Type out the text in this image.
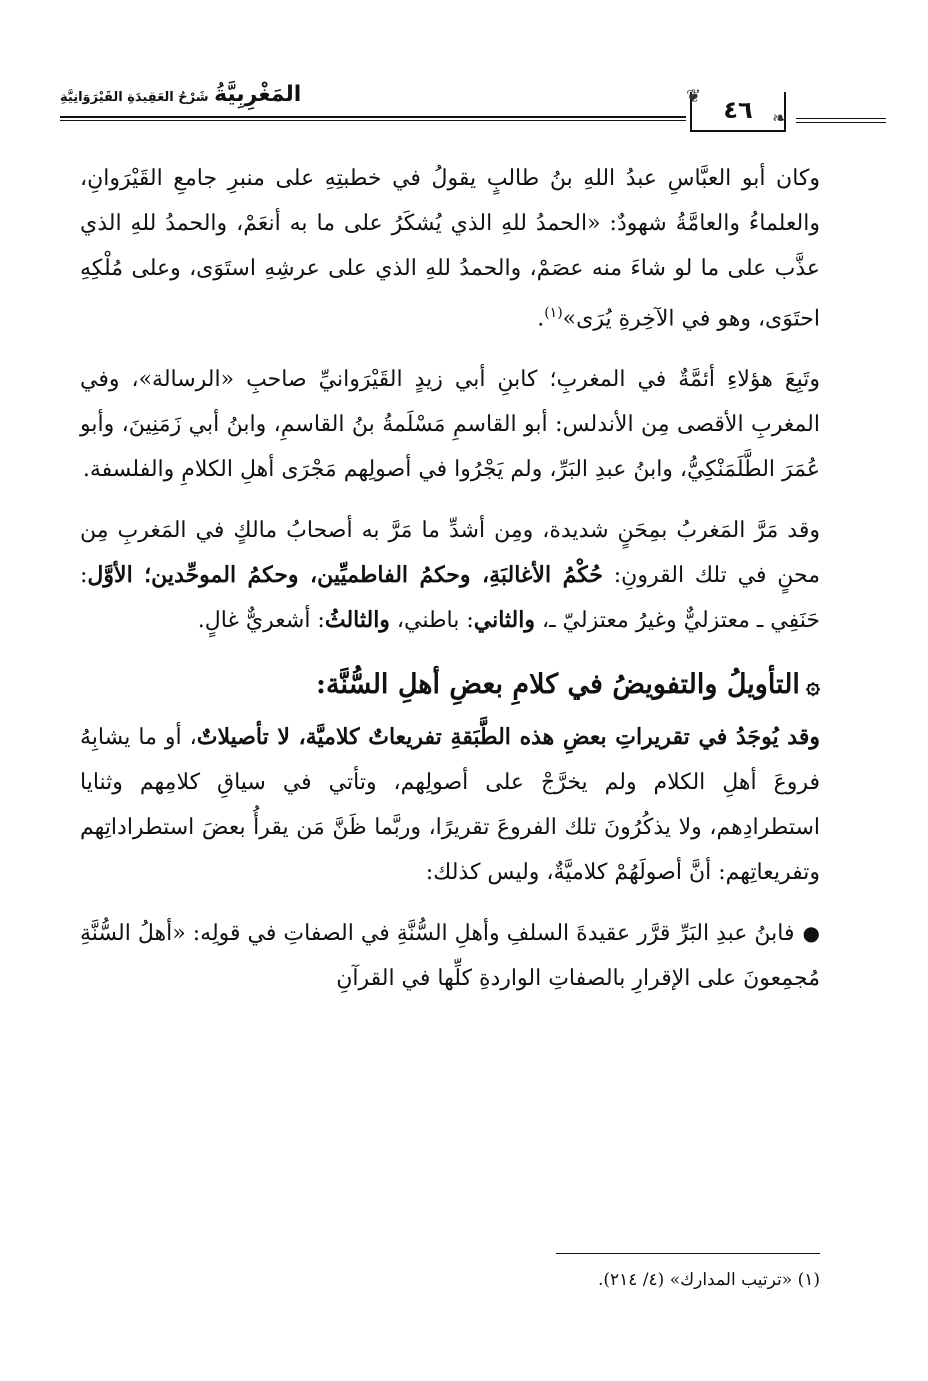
المَغْرِبِيَّةُ شَرْحُ العَقِيدَةِ القَيْرَوَانِيَّةِ	٤٦
❦
❧

وكان أبو العبَّاسِ عبدُ اللهِ بنُ طالبٍ يقولُ في خطبتِهِ على منبرِ جامعِ القَيْرَوانِ، والعلماءُ والعامَّةُ شهودٌ: «الحمدُ للهِ الذي يُشكَرُ على ما به أنعَمْ، والحمدُ للهِ الذي عذَّب على ما لو شاءَ منه عصَمْ، والحمدُ للهِ الذي على عرشِهِ استَوَى، وعلى مُلْكِهِ احتَوَى، وهو في الآخِرةِ يُرَى»$^{(١)}$.

وتَبِعَ هؤلاءِ أئمَّةٌ في المغربِ؛ كابنِ أبي زيدٍ القَيْرَوانيِّ صاحبِ «الرسالة»، وفي المغربِ الأقصى مِن الأندلس: أبو القاسمِ مَسْلَمةُ بنُ القاسمِ، وابنُ أبي زَمَنِينَ، وأبو عُمَرَ الطَّلَمَنْكِيُّ، وابنُ عبدِ البَرِّ، ولم يَجْرُوا في أصولِهم مَجْرَى أهلِ الكلامِ والفلسفة.

وقد مَرَّ المَغربُ بمِحَنٍ شديدة، ومِن أشدِّ ما مَرَّ به أصحابُ مالكٍ في المَغربِ مِن محنٍ في تلك القرونِ: حُكْمُ الأغالبَةِ، وحكمُ الفاطميِّين، وحكمُ الموحِّدين؛ الأوَّل: حَنَفِي ـ معتزليٌّ وغيرُ معتزليّ ـ، والثاني: باطني، والثالثُ: أشعريٌّ غالٍ.

۞التأويلُ والتفويضُ في كلامِ بعضِ أهلِ السُّنَّة:

وقد يُوجَدُ في تقريراتِ بعضِ هذه الطَّبَقةِ تفريعاتٌ كلاميَّة، لا تأصيلاتٌ، أو ما يشابِهُ فروعَ أهلِ الكلام ولم يخرَّجْ على أصولِهم، وتأتي في سياقِ كلامِهم وثنايا استطرادِهم، ولا يذكُرُونَ تلك الفروعَ تقريرًا، وربَّما ظَنَّ مَن يقرأُ بعضَ استطراداتِهم وتفريعاتِهم: أنَّ أصولَهُمْ كلاميَّةٌ، وليس كذلك:

●فابنُ عبدِ البَرِّ قرَّر عقيدةَ السلفِ وأهلِ السُّنَّةِ في الصفاتِ في قولِه: «أهلُ السُّنَّةِ مُجمِعونَ على الإقرارِ بالصفاتِ الواردةِ كلِّها في القرآنِ

(١) «ترتيب المدارك» (٤/ ٢١٤).
